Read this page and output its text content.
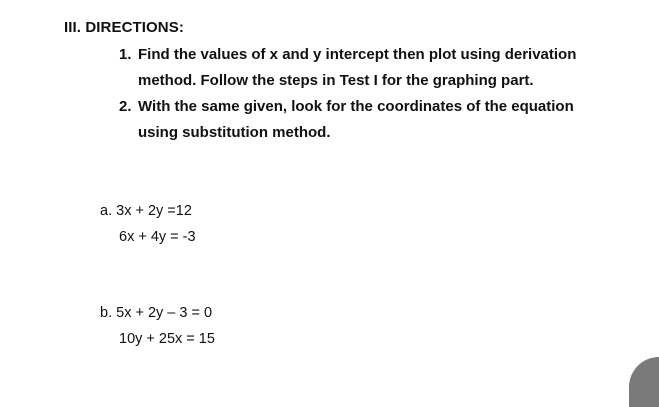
III. DIRECTIONS:
1. Find the values of x and y intercept then plot using derivation method. Follow the steps in Test I for the graphing part.
2. With the same given, look for the coordinates of the equation using substitution method.
a. 3x + 2y =12
6x + 4y = -3
b. 5x + 2y – 3 = 0
10y + 25x = 15
